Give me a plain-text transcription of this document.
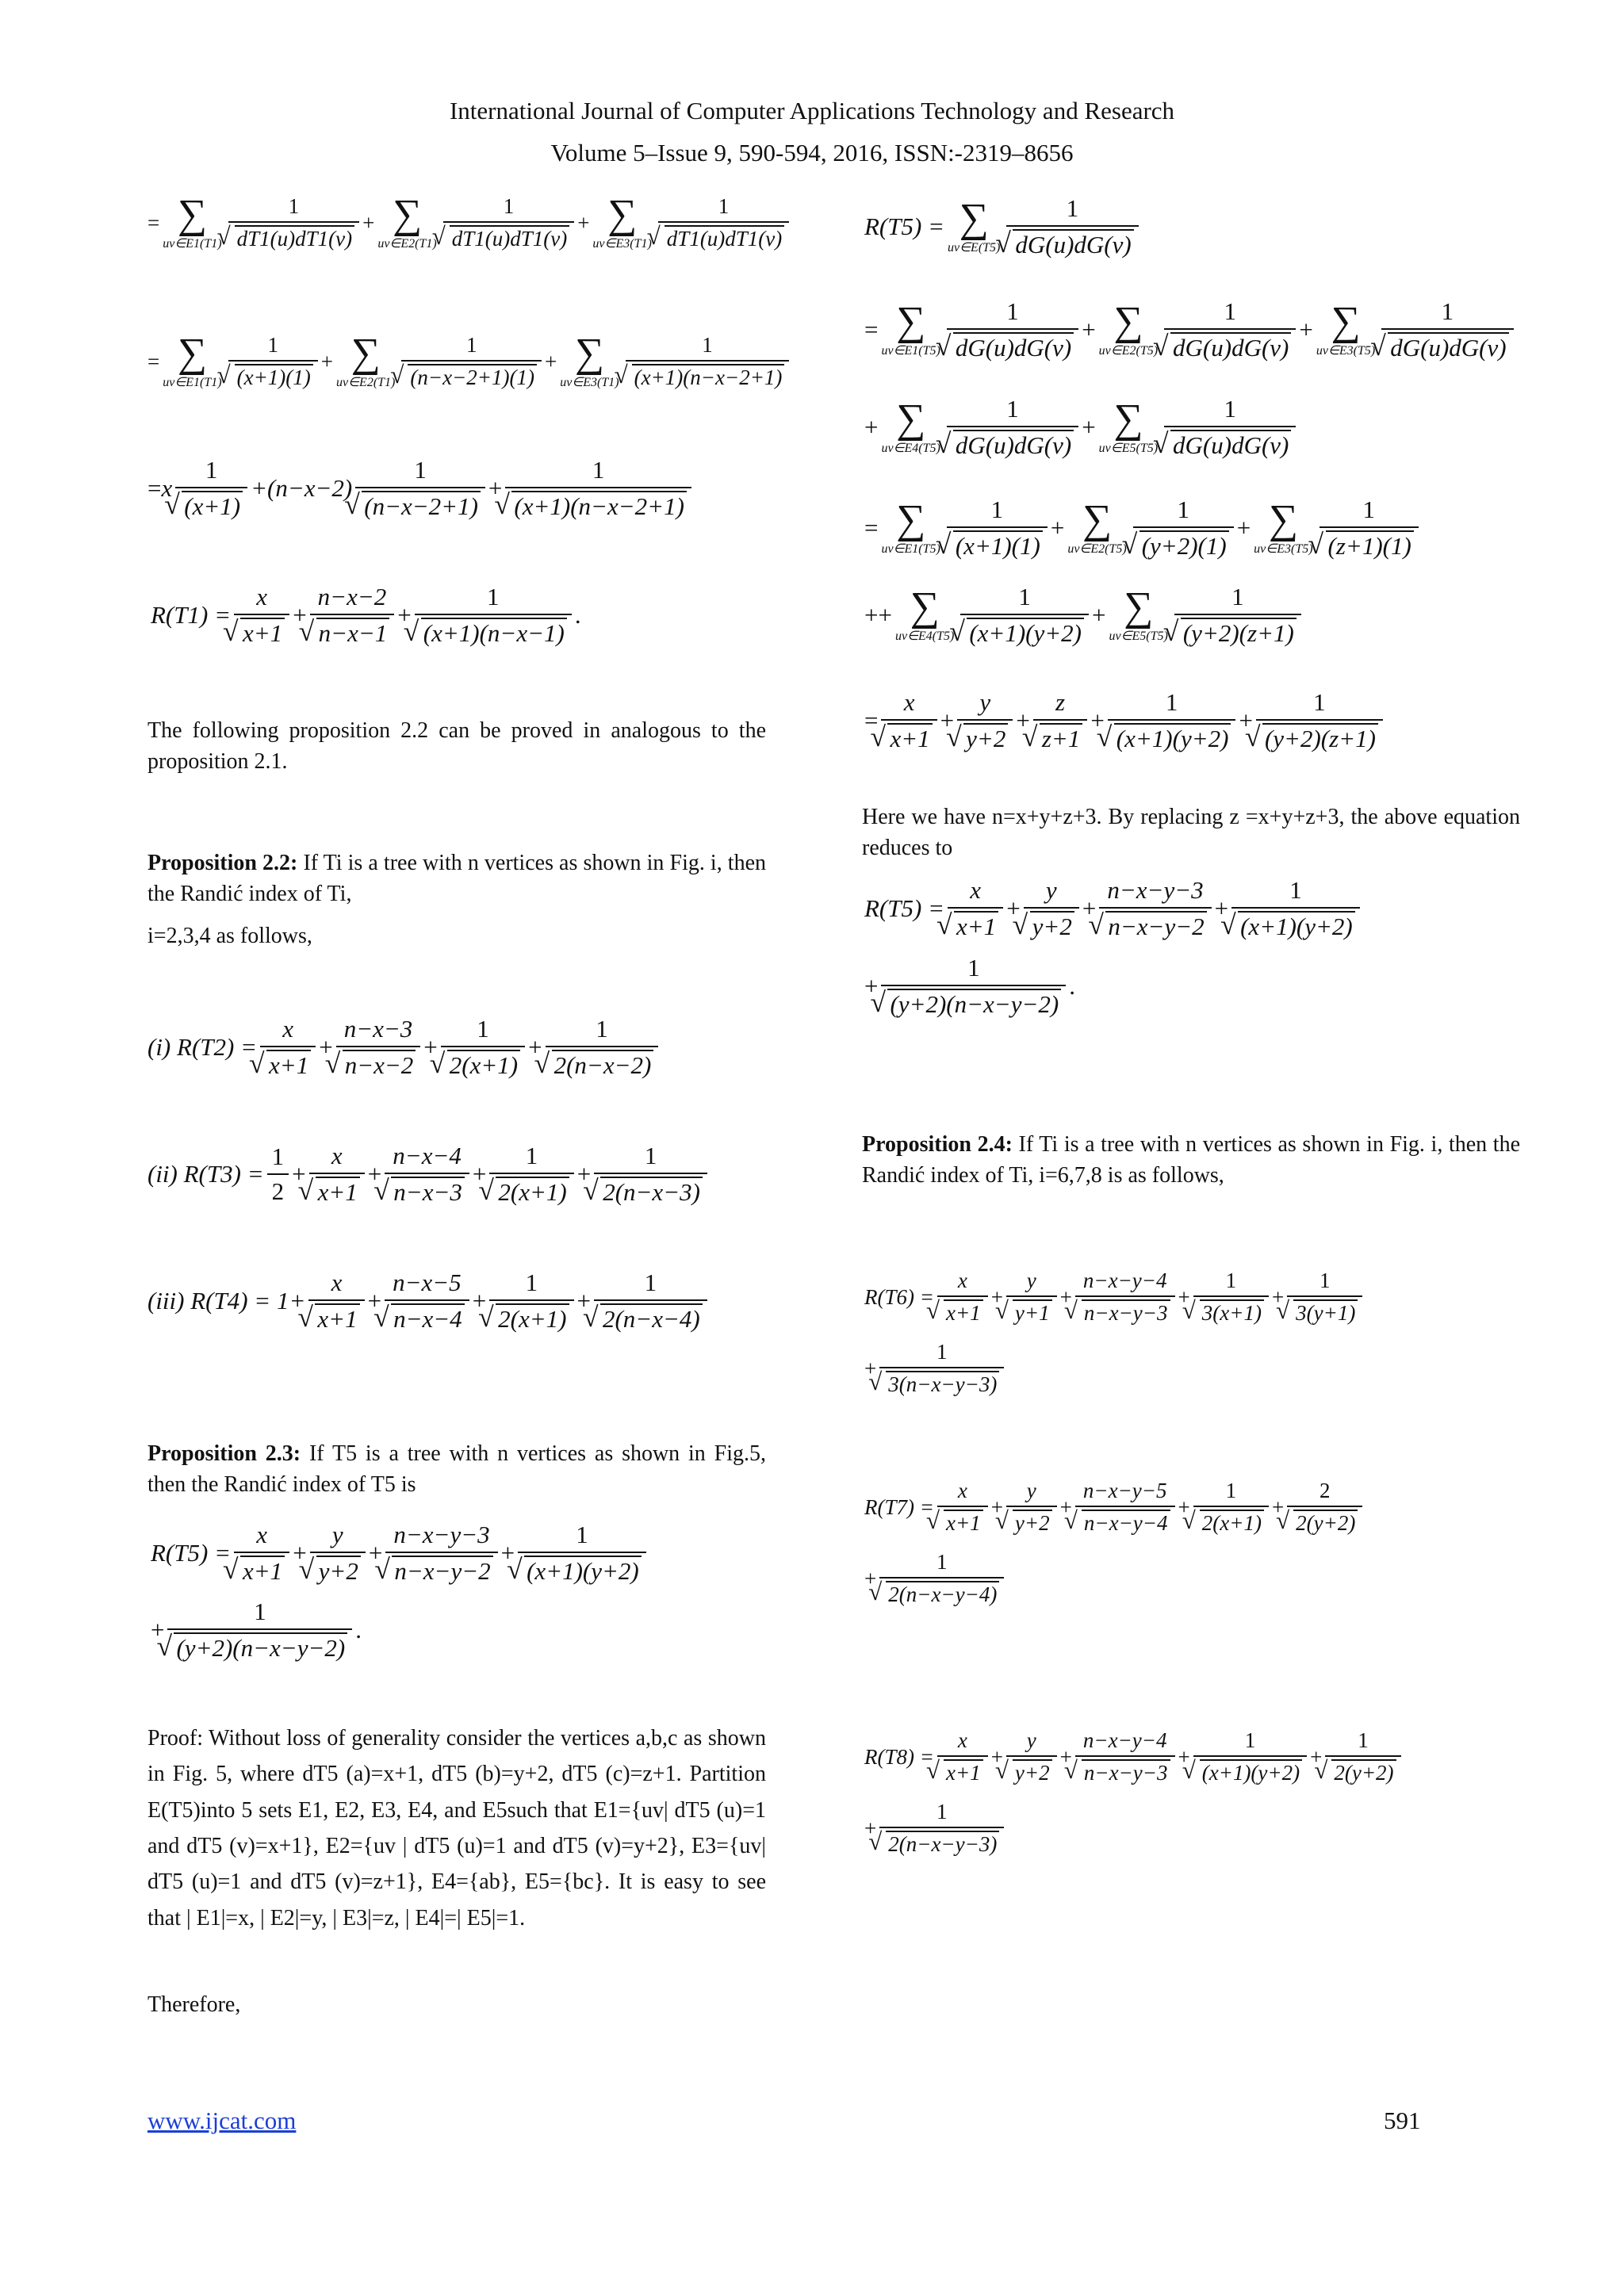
International Journal of Computer Applications Technology and Research
Volume 5–Issue 9, 590-594, 2016, ISSN:-2319–8656
= ∑
uv∈E1(T1) 1
√ dT1(u)dT1(v) + ∑
uv∈E2(T1) 1
√ dT1(u)dT1(v) + ∑
uv∈E3(T1) 1
√ dT1(u)dT1(v)
= ∑
uv∈E1(T1) 1
√ (x+1)(1) + ∑
uv∈E2(T1) 1
√ (n−x−2+1)(1) + ∑
uv∈E3(T1) 1
√ (x+1)(n−x−2+1)
= x 1
√ (x+1) +(n−x−2) 1
√ (n−x−2+1) + 1
√ (x+1)(n−x−2+1)
R(T1) = x
√ x+1 + n−x−2
√ n−x−1 + 1
√ (x+1)(n−x−1) .
The following proposition 2.2 can be proved in analogous to the proposition 2.1.
Proposition 2.2: If Ti is a tree with n vertices as shown in Fig. i, then the Randić index of Ti,
i=2,3,4 as follows,
(i) R(T2) = x
√ x+1 + n−x−3
√ n−x−2 + 1
√ 2(x+1) + 1
√ 2(n−x−2)
(ii) $R(T3) = \frac{1}{2} + x$
√ x+1 + n−x−4
√ n−x−3 + 1
√ 2(x+1) + 1
√ 2(n−x−3)
(iii) R(T4) = 1+ x
√ x+1 + n−x−5
√ n−x−4 + 1
√ 2(x+1) + 1
√ 2(n−x−4)
Proposition 2.3: If T5 is a tree with n vertices as shown in Fig.5, then the Randić index of T5 is
R(T5) = x
√ x+1 + y
√ y+2 + n−x−y−3
√ n−x−y−2 + 1
√ (x+1)(y+2)
+ 1
√ (y+2)(n−x−y−2) .
Proof: Without loss of generality consider the vertices a,b,c as shown in Fig. 5, where dT5 (a)=x+1, dT5 (b)=y+2, dT5 (c)=z+1. Partition E(T5)into 5 sets E1, E2, E3, E4, and E5such that E1={uv| dT5 (u)=1 and dT5 (v)=x+1}, E2={uv | dT5 (u)=1 and dT5 (v)=y+2}, E3={uv| dT5 (u)=1 and dT5 (v)=z+1}, E4={ab}, E5={bc}. It is easy to see that | E1|=x, | E2|=y, | E3|=z, | E4|=| E5|=1.
Therefore,
R(T5) = ∑
uv∈E(T5) 1
√ dG(u)dG(v)
= ∑
uv∈E1(T5) 1
√ dG(u)dG(v) + ∑
uv∈E2(T5) 1
√ dG(u)dG(v) + ∑
uv∈E3(T5) 1
√ dG(u)dG(v)
+ ∑
uv∈E4(T5) 1
√ dG(u)dG(v) + ∑
uv∈E5(T5) 1
√ dG(u)dG(v)
= ∑
uv∈E1(T5) 1
√ (x+1)(1) + ∑
uv∈E2(T5) 1
√ (y+2)(1) + ∑
uv∈E3(T5) 1
√ (z+1)(1)
++ ∑
uv∈E4(T5) 1
√ (x+1)(y+2) + ∑
uv∈E5(T5) 1
√ (y+2)(z+1)
= x
√ x+1 + y
√ y+2 + z
√ z+1 + 1
√ (x+1)(y+2) + 1
√ (y+2)(z+1)
Here we have n=x+y+z+3. By replacing z =x+y+z+3, the above equation reduces to
R(T5) = x
√ x+1 + y
√ y+2 + n−x−y−3
√ n−x−y−2 + 1
√ (x+1)(y+2)
+ 1
√ (y+2)(n−x−y−2) .
Proposition 2.4: If Ti is a tree with n vertices as shown in Fig. i, then the Randić index of Ti, i=6,7,8 is as follows,
R(T6) = x
√ x+1 + y
√ y+1 + n−x−y−4
√ n−x−y−3 + 1
√ 3(x+1) + 1
√ 3(y+1)
+ 1
√ 3(n−x−y−3)
R(T7) = x
√ x+1 + y
√ y+2 + n−x−y−5
√ n−x−y−4 + 1
√ 2(x+1) + 2
√ 2(y+2)
+ 1
√ 2(n−x−y−4)
R(T8) = x
√ x+1 + y
√ y+2 + n−x−y−4
√ n−x−y−3 + 1
√ (x+1)(y+2) + 1
√ 2(y+2)
+ 1
√ 2(n−x−y−3)
www.ijcat.com	591
